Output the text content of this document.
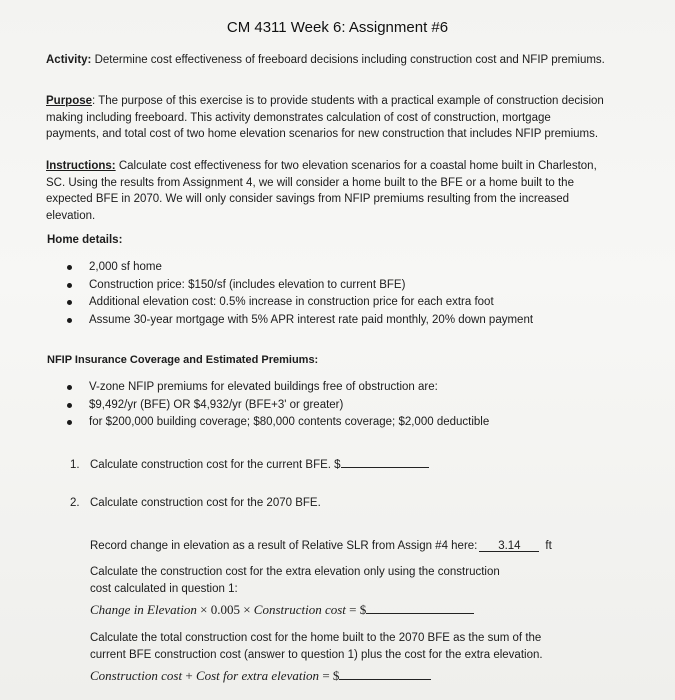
CM 4311 Week 6: Assignment #6
Activity: Determine cost effectiveness of freeboard decisions including construction cost and NFIP premiums.
Purpose: The purpose of this exercise is to provide students with a practical example of construction decision making including freeboard. This activity demonstrates calculation of cost of construction, mortgage payments, and total cost of two home elevation scenarios for new construction that includes NFIP premiums.
Instructions: Calculate cost effectiveness for two elevation scenarios for a coastal home built in Charleston, SC. Using the results from Assignment 4, we will consider a home built to the BFE or a home built to the expected BFE in 2070. We will only consider savings from NFIP premiums resulting from the increased elevation.
Home details:
2,000 sf home
Construction price: $150/sf (includes elevation to current BFE)
Additional elevation cost: 0.5% increase in construction price for each extra foot
Assume 30-year mortgage with 5% APR interest rate paid monthly, 20% down payment
NFIP Insurance Coverage and Estimated Premiums:
V-zone NFIP premiums for elevated buildings free of obstruction are:
$9,492/yr (BFE) OR $4,932/yr (BFE+3' or greater)
for $200,000 building coverage; $80,000 contents coverage; $2,000 deductible
1. Calculate construction cost for the current BFE. $
2. Calculate construction cost for the 2070 BFE.
Record change in elevation as a result of Relative SLR from Assign #4 here: 3.14 ft
Calculate the construction cost for the extra elevation only using the construction cost calculated in question 1:
Change in Elevation × 0.005 × Construction cost = $
Calculate the total construction cost for the home built to the 2070 BFE as the sum of the current BFE construction cost (answer to question 1) plus the cost for the extra elevation.
Construction cost + Cost for extra elevation = $
